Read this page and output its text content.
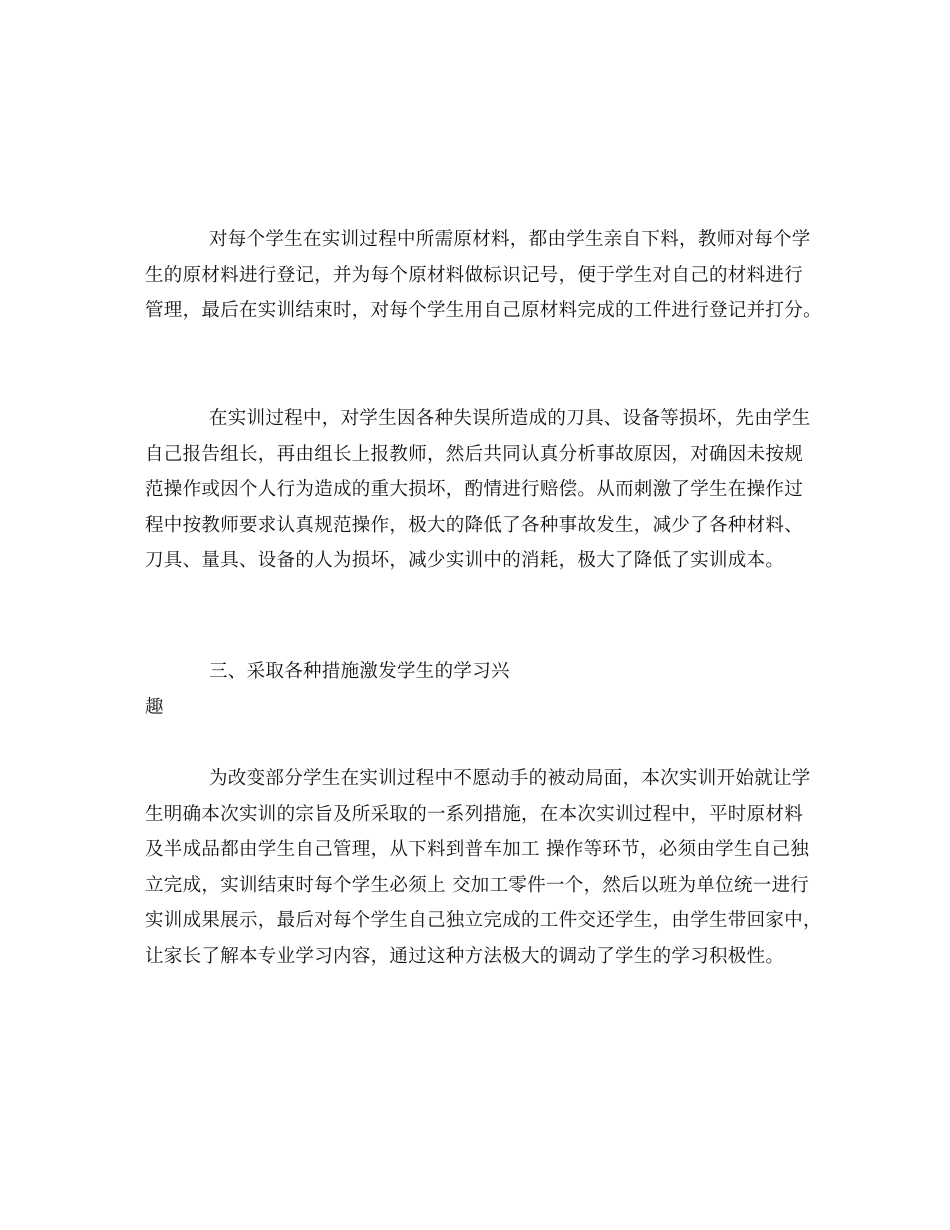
对每个学生在实训过程中所需原材料，都由学生亲自下料，教师对每个学
生的原材料进行登记，并为每个原材料做标识记号，便于学生对自己的材料进行
管理，最后在实训结束时，对每个学生用自己原材料完成的工件进行登记并打分。

在实训过程中，对学生因各种失误所造成的刀具、设备等损坏，先由学生
自己报告组长，再由组长上报教师，然后共同认真分析事故原因，对确因未按规
范操作或因个人行为造成的重大损坏，酌情进行赔偿。从而刺激了学生在操作过
程中按教师要求认真规范操作，极大的降低了各种事故发生，减少了各种材料、
刀具、量具、设备的人为损坏，减少实训中的消耗，极大了降低了实训成本。

三、采取各种措施激发学生的学习兴
趣

为改变部分学生在实训过程中不愿动手的被动局面，本次实训开始就让学
生明确本次实训的宗旨及所采取的一系列措施，在本次实训过程中，平时原材料
及半成品都由学生自己管理，从下料到普车加工 操作等环节，必须由学生自己独
立完成，实训结束时每个学生必须上 交加工零件一个，然后以班为单位统一进行
实训成果展示，最后对每个学生自己独立完成的工件交还学生，由学生带回家中，
让家长了解本专业学习内容，通过这种方法极大的调动了学生的学习积极性。
